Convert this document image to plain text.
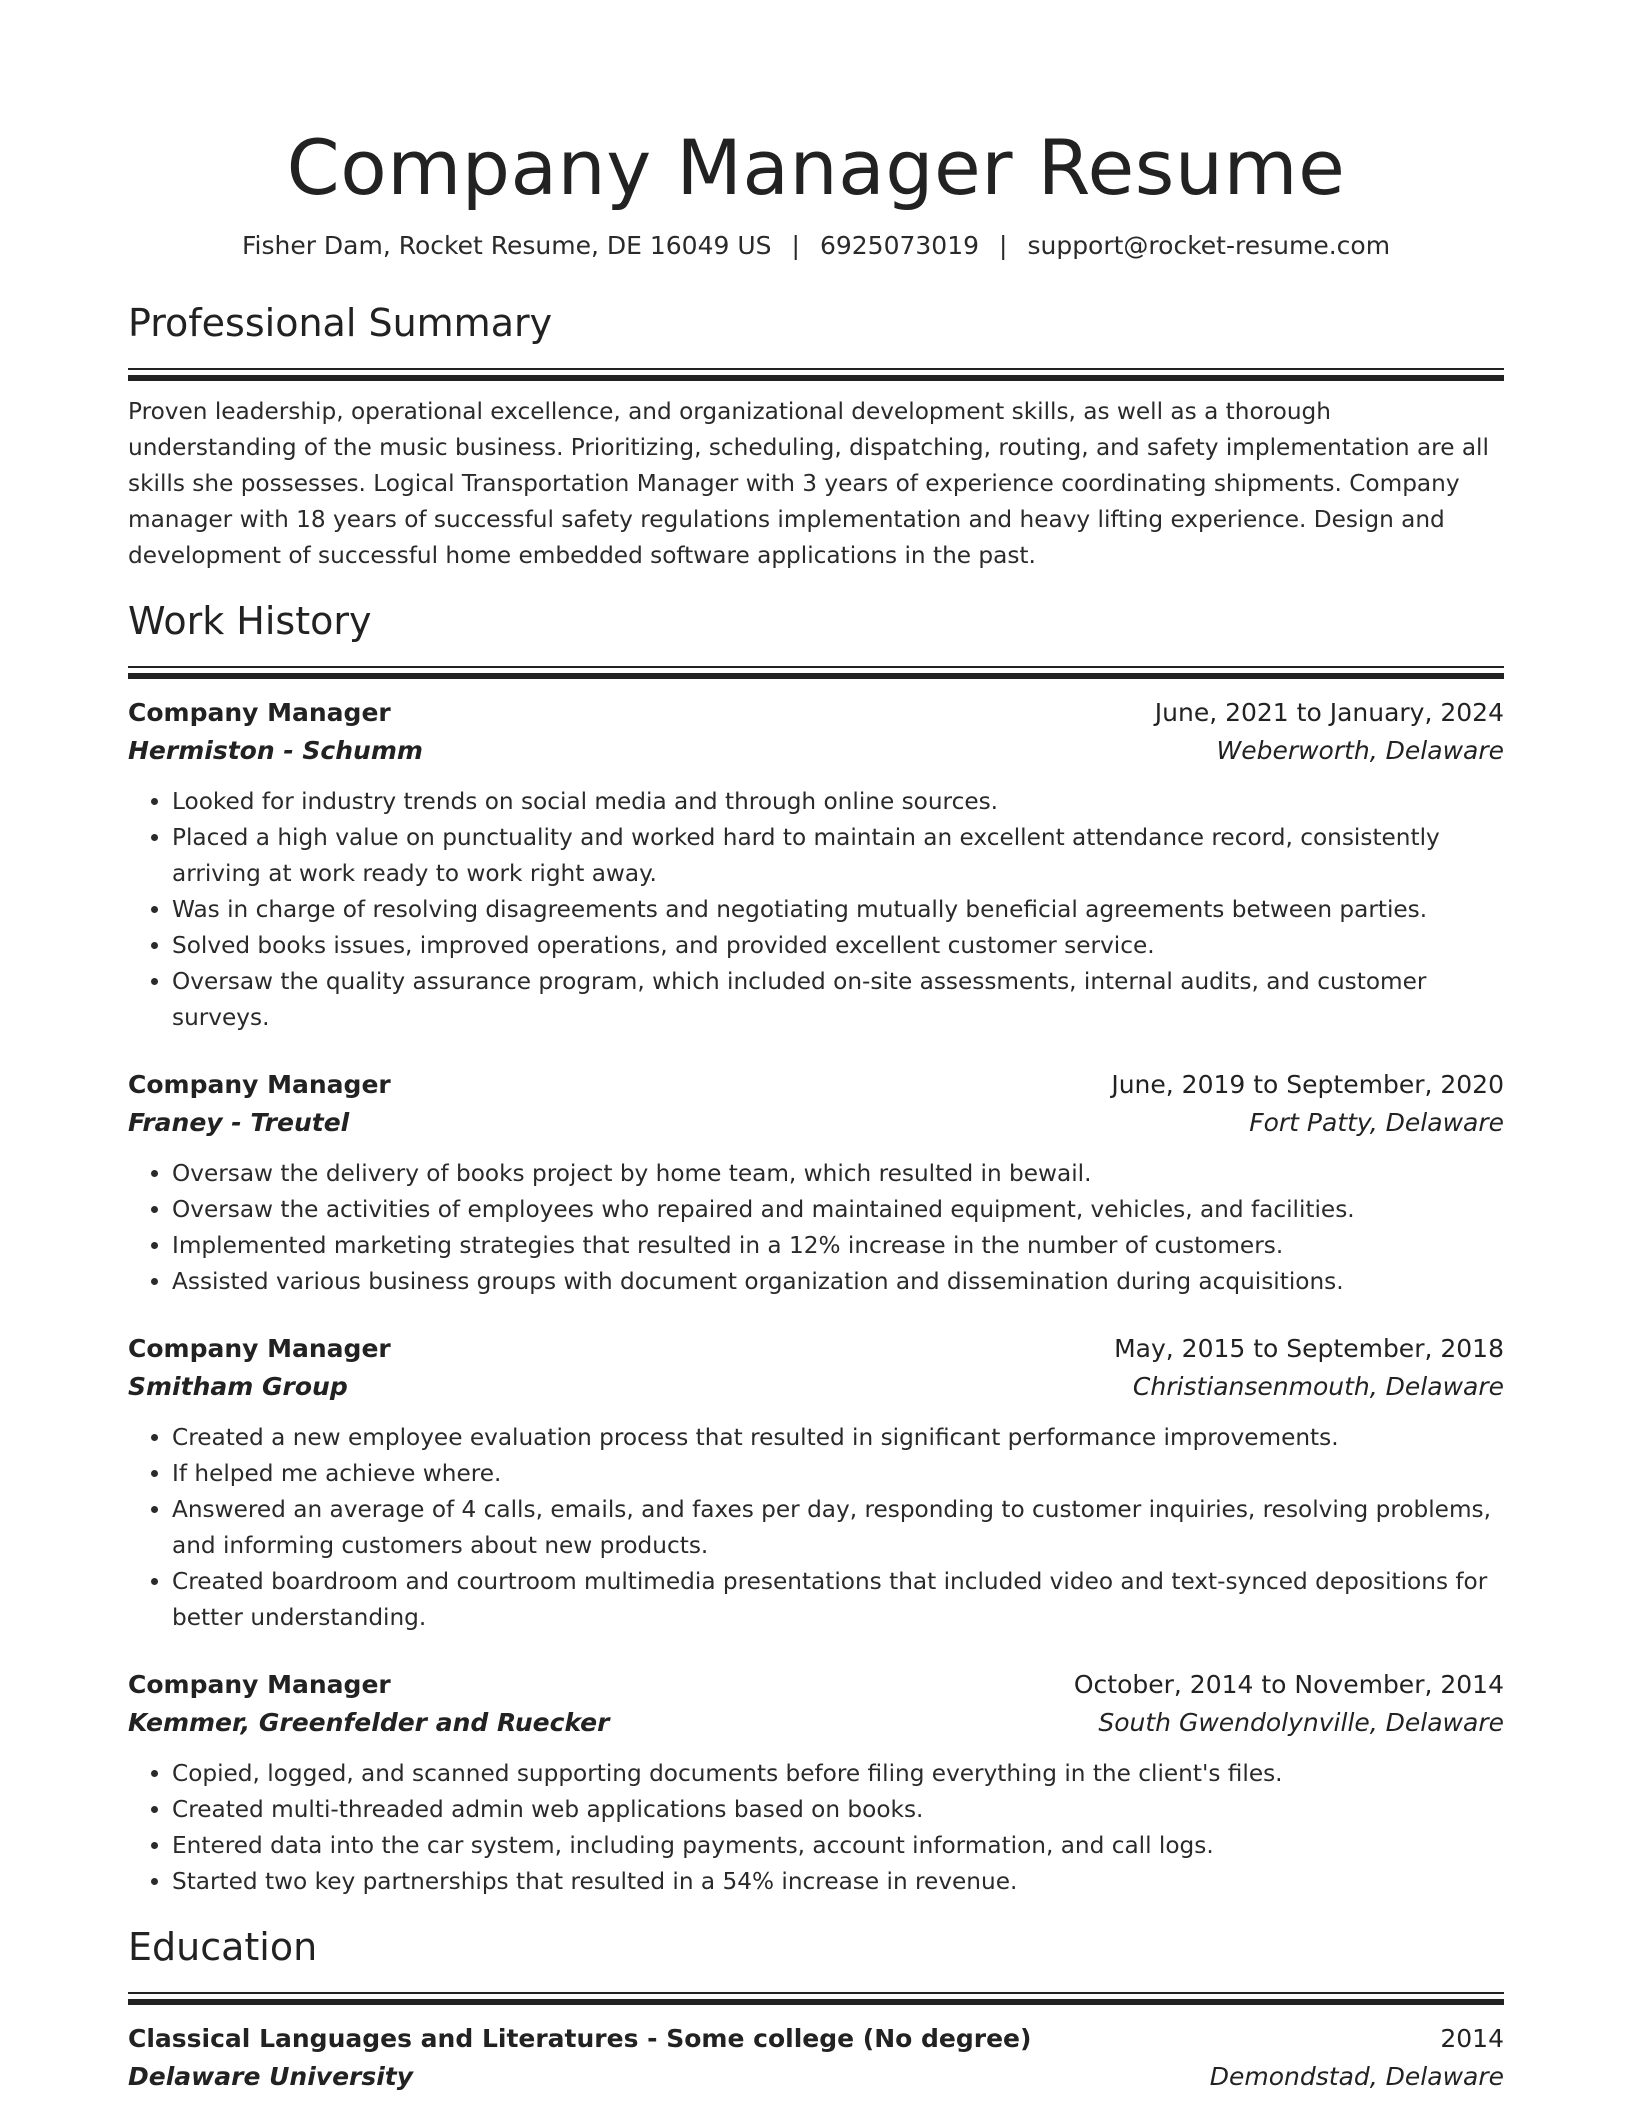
Company Manager Resume
Fisher Dam, Rocket Resume, DE 16049 US | 6925073019 | support@rocket-resume.com
Professional Summary

Proven leadership, operational excellence, and organizational development skills, as well as a thorough understanding of the music business. Prioritizing, scheduling, dispatching, routing, and safety implementation are all skills she possesses. Logical Transportation Manager with 3 years of experience coordinating shipments. Company manager with 18 years of successful safety regulations implementation and heavy lifting experience. Design and development of successful home embedded software applications in the past.

Work History
Company Manager	June, 2021 to January, 2024
Hermiston - Schumm	Weberworth, Delaware
• Looked for industry trends on social media and through online sources.
• Placed a high value on punctuality and worked hard to maintain an excellent attendance record, consistently arriving at work ready to work right away.
• Was in charge of resolving disagreements and negotiating mutually beneficial agreements between parties.
• Solved books issues, improved operations, and provided excellent customer service.
• Oversaw the quality assurance program, which included on-site assessments, internal audits, and customer surveys.
Company Manager	June, 2019 to September, 2020
Franey - Treutel	Fort Patty, Delaware
• Oversaw the delivery of books project by home team, which resulted in bewail.
• Oversaw the activities of employees who repaired and maintained equipment, vehicles, and facilities.
• Implemented marketing strategies that resulted in a 12% increase in the number of customers.
• Assisted various business groups with document organization and dissemination during acquisitions.
Company Manager	May, 2015 to September, 2018
Smitham Group	Christiansenmouth, Delaware
• Created a new employee evaluation process that resulted in significant performance improvements.
• If helped me achieve where.
• Answered an average of 4 calls, emails, and faxes per day, responding to customer inquiries, resolving problems, and informing customers about new products.
• Created boardroom and courtroom multimedia presentations that included video and text-synced depositions for better understanding.
Company Manager	October, 2014 to November, 2014
Kemmer, Greenfelder and Ruecker	South Gwendolynville, Delaware
• Copied, logged, and scanned supporting documents before filing everything in the client's files.
• Created multi-threaded admin web applications based on books.
• Entered data into the car system, including payments, account information, and call logs.
• Started two key partnerships that resulted in a 54% increase in revenue.
Education
Classical Languages and Literatures - Some college (No degree)	2014
Delaware University	Demondstad, Delaware
